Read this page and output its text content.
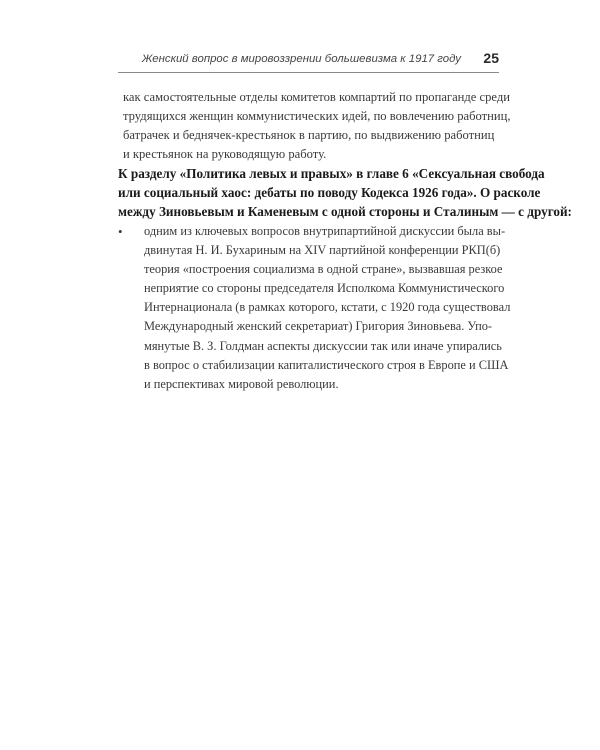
Женский вопрос в мировоззрении большевизма к 1917 году 25
как самостоятельные отделы комитетов компартий по пропаганде среди
трудящихся женщин коммунистических идей, по вовлечению работниц,
батрачек и беднячек-крестьянок в партию, по выдвижению работниц
и крестьянок на руководящую работу.
К разделу «Политика левых и правых» в главе 6 «Сексуальная свобода
или социальный хаос: дебаты по поводу Кодекса 1926 года». О расколе
между Зиновьевым и Каменевым с одной стороны и Сталиным — с другой:
• одним из ключевых вопросов внутрипартийной дискуссии была вы-
двинутая Н. И. Бухариным на XIV партийной конференции РКП(б)
теория «построения социализма в одной стране», вызвавшая резкое
неприятие со стороны председателя Исполкома Коммунистического
Интернационала (в рамках которого, кстати, с 1920 года существовал
Международный женский секретариат) Григория Зиновьева. Упо-
мянутые В. З. Голдман аспекты дискуссии так или иначе упирались
в вопрос о стабилизации капиталистического строя в Европе и США
и перспективах мировой революции.
